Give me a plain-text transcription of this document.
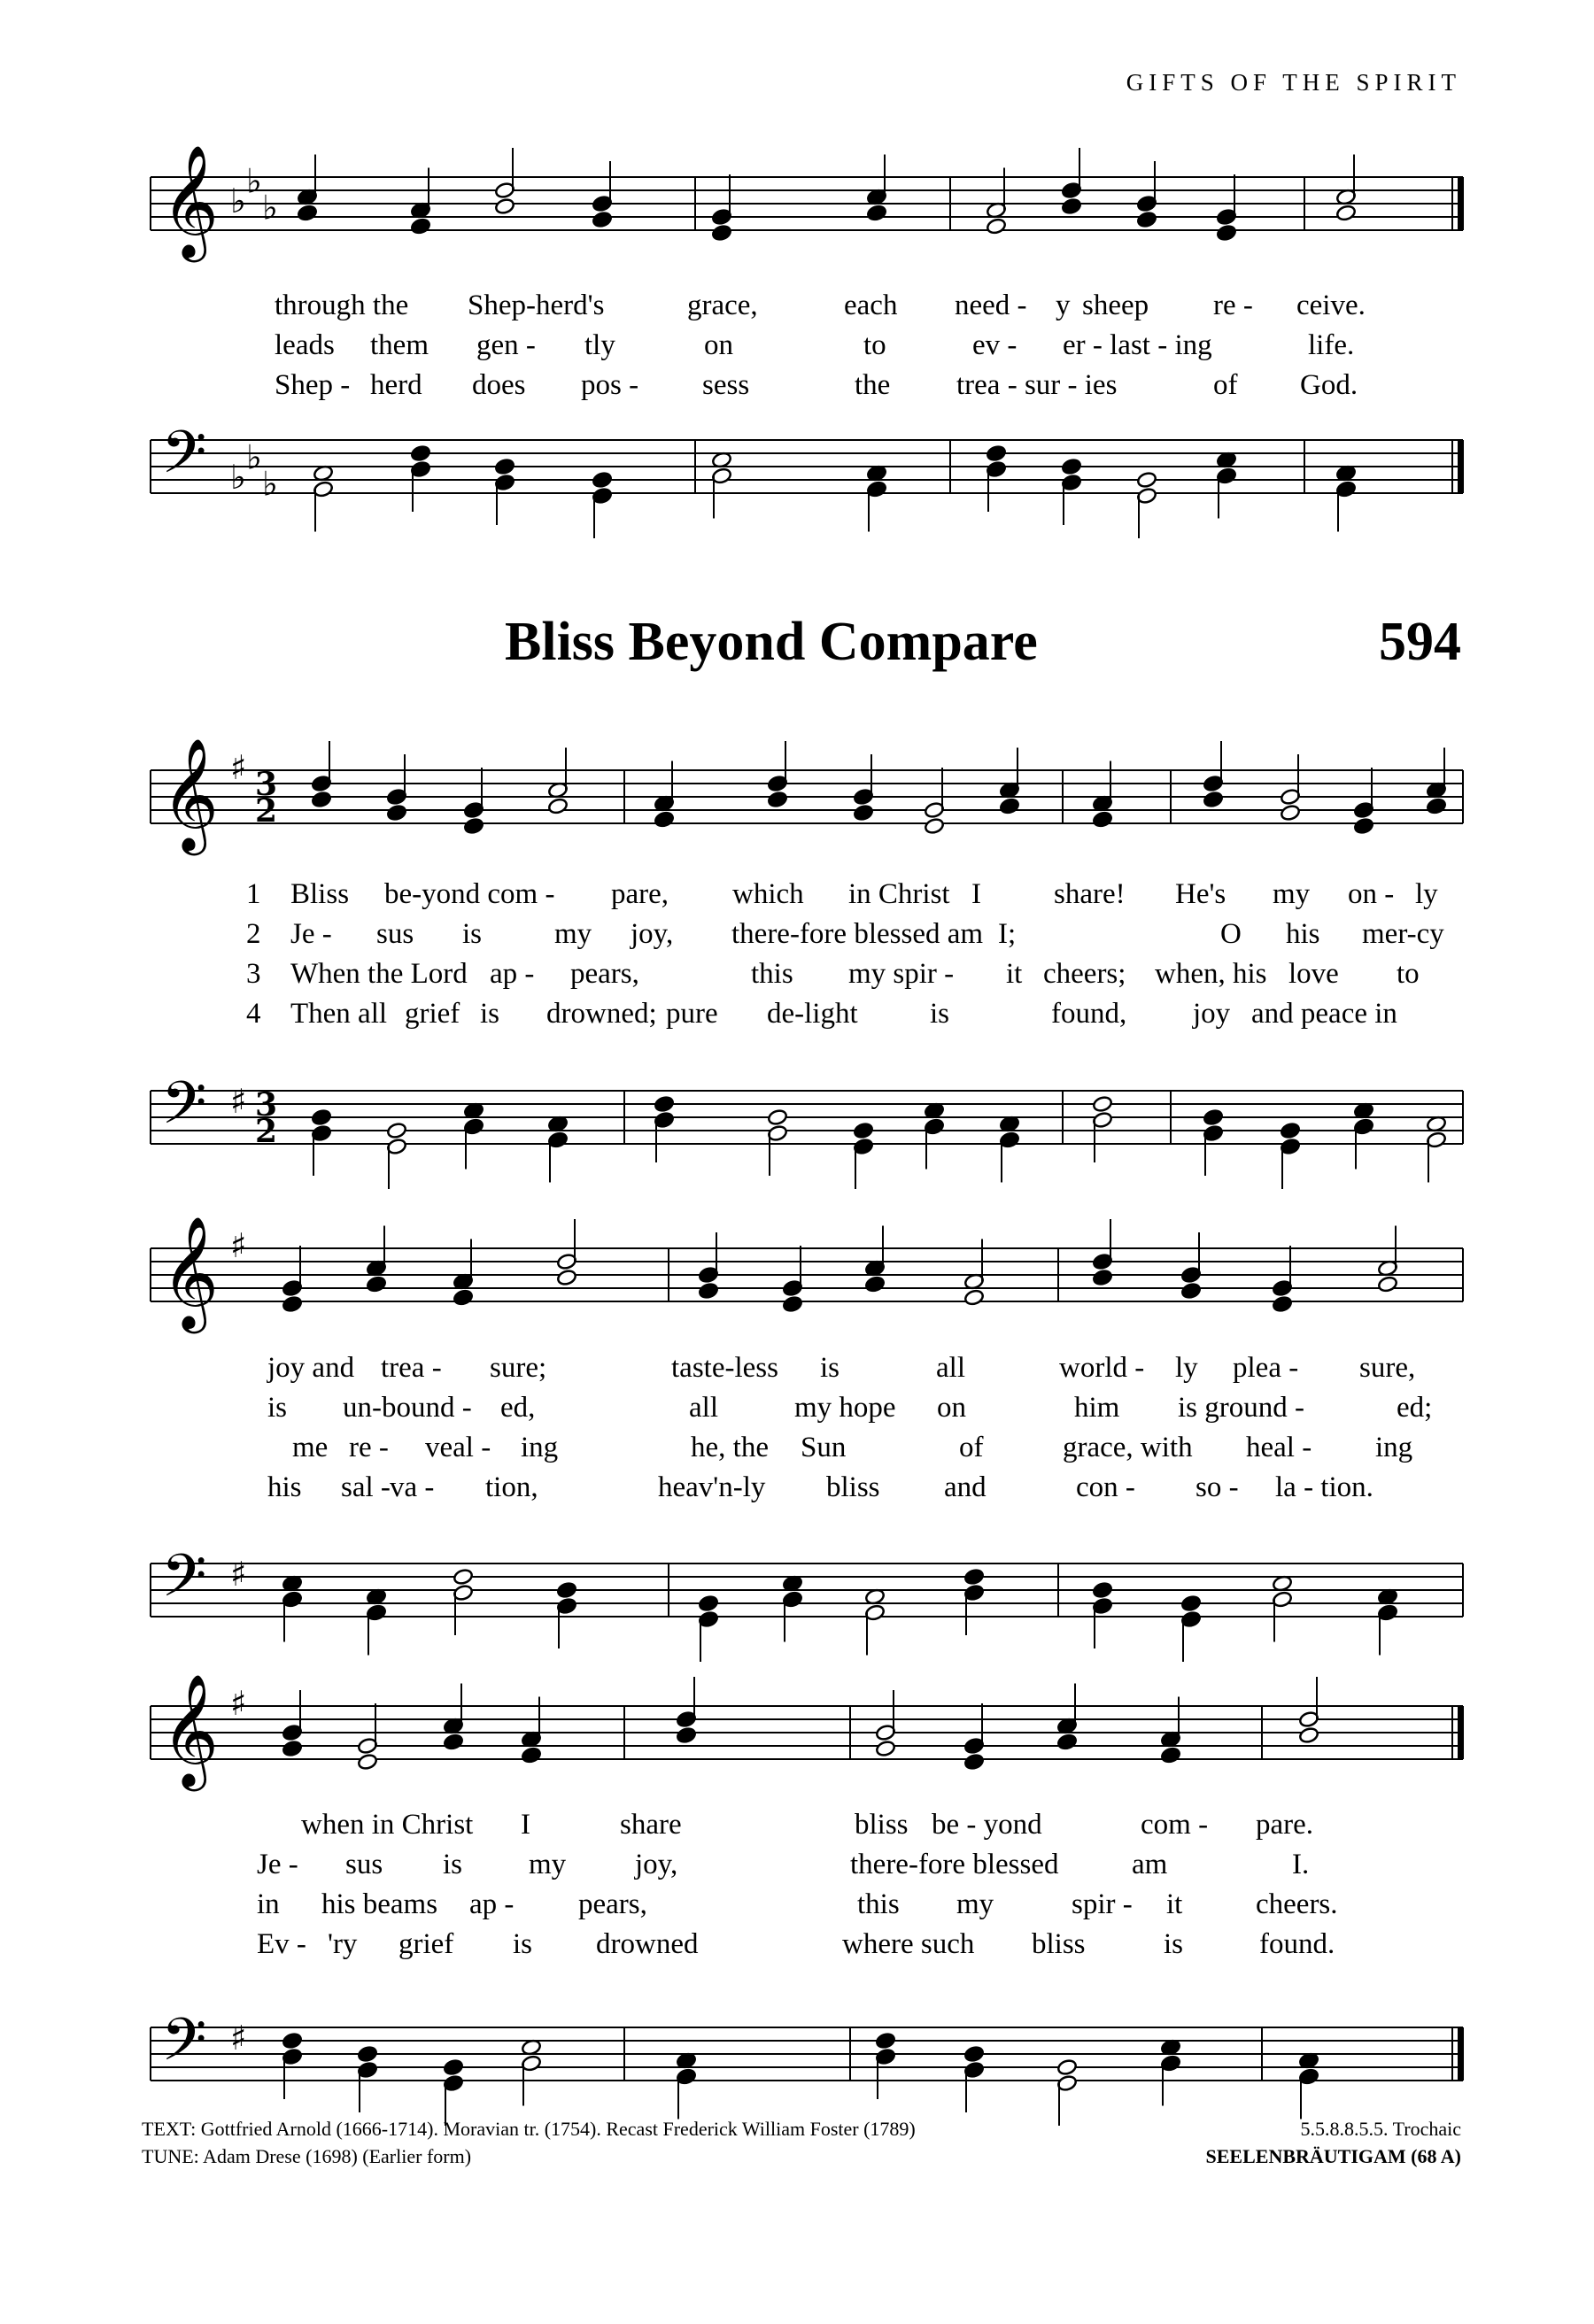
GIFTS OF THE SPIRIT
𝄞 ♭
♭
♭
𝄢 ♭
♭
♭
𝄞 ♯ 3
2
𝄢 ♯ 3
2
𝄞 ♯
𝄢 ♯
𝄞 ♯
𝄢 ♯
through the Shep-herd's	grace,	each need - y sheep re - ceive.
leads them gen - tly	on	to	ev - er - last - ing	life.
Shep - herd does pos - sess	the trea - sur - ies	of God.
Bliss Beyond Compare	594
1 Bliss be-yond com - pare, which in Christ I share! He's my on - ly
2 Je - sus is my joy, there-fore blessed am I;	O his mer-cy
3 When the Lord ap - pears,	this my spir - it cheers; when, his love to
4 Then all grief is drowned; pure de-light is	found, joy and peace in
joy and trea - sure;	taste-less is	all	world - ly plea - sure,
is un-bound - ed,	all	my hope on	him is ground -	ed;
me re - veal - ing	he, the Sun	of	grace, with heal - ing
his sal - va - tion,	heav'n-ly bliss and	con - so - la - tion.
when in Christ I	share	bliss be - yond	com - pare.
Je - sus is my joy,	there-fore blessed	am	I.
in his beams ap - pears,	this my	spir - it	cheers.
Ev - 'ry grief is drowned	where such bliss	is	found.
TEXT: Gottfried Arnold (1666-1714). Moravian tr. (1754). Recast Frederick William Foster (1789)
TUNE: Adam Drese (1698) (Earlier form)
5.5.8.8.5.5. Trochaic
SEELENBRÄUTIGAM (68 A)
